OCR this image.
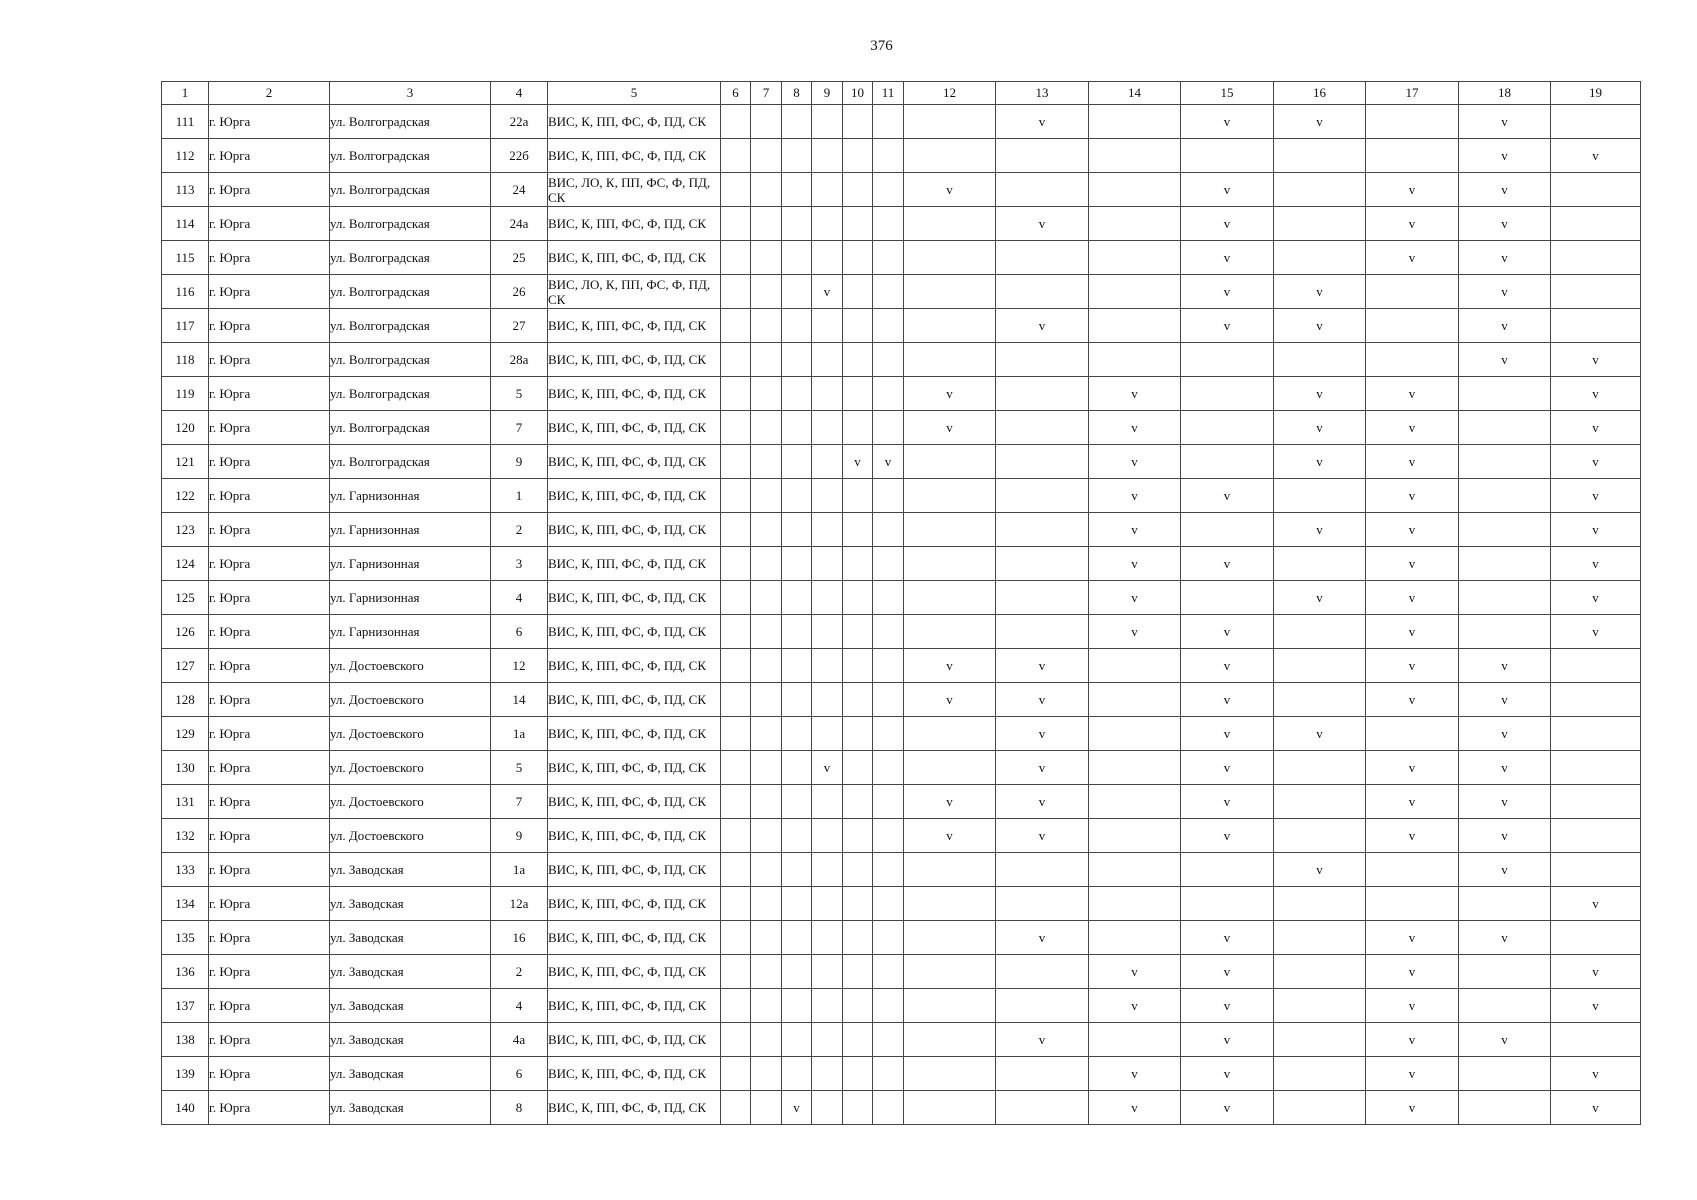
376
1	2	3	4	5	6	7	8	9	10	11	12	13	14	15	16	17	18	19
111	г. Юрга	ул. Волгоградская	22а	ВИС, К, ПП, ФС, Ф, ПД, СК								v		v	v		v	
112	г. Юрга	ул. Волгоградская	22б	ВИС, К, ПП, ФС, Ф, ПД, СК													v	v
113	г. Юрга	ул. Волгоградская	24	ВИС, ЛО, К, ПП, ФС, Ф, ПД, СК							v			v		v	v	
114	г. Юрга	ул. Волгоградская	24а	ВИС, К, ПП, ФС, Ф, ПД, СК								v		v		v	v	
115	г. Юрга	ул. Волгоградская	25	ВИС, К, ПП, ФС, Ф, ПД, СК										v		v	v	
116	г. Юрга	ул. Волгоградская	26	ВИС, ЛО, К, ПП, ФС, Ф, ПД, СК				v						v	v		v	
117	г. Юрга	ул. Волгоградская	27	ВИС, К, ПП, ФС, Ф, ПД, СК								v		v	v		v	
118	г. Юрга	ул. Волгоградская	28а	ВИС, К, ПП, ФС, Ф, ПД, СК													v	v
119	г. Юрга	ул. Волгоградская	5	ВИС, К, ПП, ФС, Ф, ПД, СК							v		v		v	v		v
120	г. Юрга	ул. Волгоградская	7	ВИС, К, ПП, ФС, Ф, ПД, СК							v		v		v	v		v
121	г. Юрга	ул. Волгоградская	9	ВИС, К, ПП, ФС, Ф, ПД, СК					v	v			v		v	v		v
122	г. Юрга	ул. Гарнизонная	1	ВИС, К, ПП, ФС, Ф, ПД, СК									v	v		v		v
123	г. Юрга	ул. Гарнизонная	2	ВИС, К, ПП, ФС, Ф, ПД, СК									v		v	v		v
124	г. Юрга	ул. Гарнизонная	3	ВИС, К, ПП, ФС, Ф, ПД, СК									v	v		v		v
125	г. Юрга	ул. Гарнизонная	4	ВИС, К, ПП, ФС, Ф, ПД, СК									v		v	v		v
126	г. Юрга	ул. Гарнизонная	6	ВИС, К, ПП, ФС, Ф, ПД, СК									v	v		v		v
127	г. Юрга	ул. Достоевского	12	ВИС, К, ПП, ФС, Ф, ПД, СК							v	v		v		v	v	
128	г. Юрга	ул. Достоевского	14	ВИС, К, ПП, ФС, Ф, ПД, СК							v	v		v		v	v	
129	г. Юрга	ул. Достоевского	1а	ВИС, К, ПП, ФС, Ф, ПД, СК								v		v	v		v	
130	г. Юрга	ул. Достоевского	5	ВИС, К, ПП, ФС, Ф, ПД, СК				v				v		v		v	v	
131	г. Юрга	ул. Достоевского	7	ВИС, К, ПП, ФС, Ф, ПД, СК							v	v		v		v	v	
132	г. Юрга	ул. Достоевского	9	ВИС, К, ПП, ФС, Ф, ПД, СК							v	v		v		v	v	
133	г. Юрга	ул. Заводская	1а	ВИС, К, ПП, ФС, Ф, ПД, СК											v		v	
134	г. Юрга	ул. Заводская	12а	ВИС, К, ПП, ФС, Ф, ПД, СК														v
135	г. Юрга	ул. Заводская	16	ВИС, К, ПП, ФС, Ф, ПД, СК								v		v		v	v	
136	г. Юрга	ул. Заводская	2	ВИС, К, ПП, ФС, Ф, ПД, СК									v	v		v		v
137	г. Юрга	ул. Заводская	4	ВИС, К, ПП, ФС, Ф, ПД, СК									v	v		v		v
138	г. Юрга	ул. Заводская	4а	ВИС, К, ПП, ФС, Ф, ПД, СК								v		v		v	v	
139	г. Юрга	ул. Заводская	6	ВИС, К, ПП, ФС, Ф, ПД, СК									v	v		v		v
140	г. Юрга	ул. Заводская	8	ВИС, К, ПП, ФС, Ф, ПД, СК			v						v	v		v		v
